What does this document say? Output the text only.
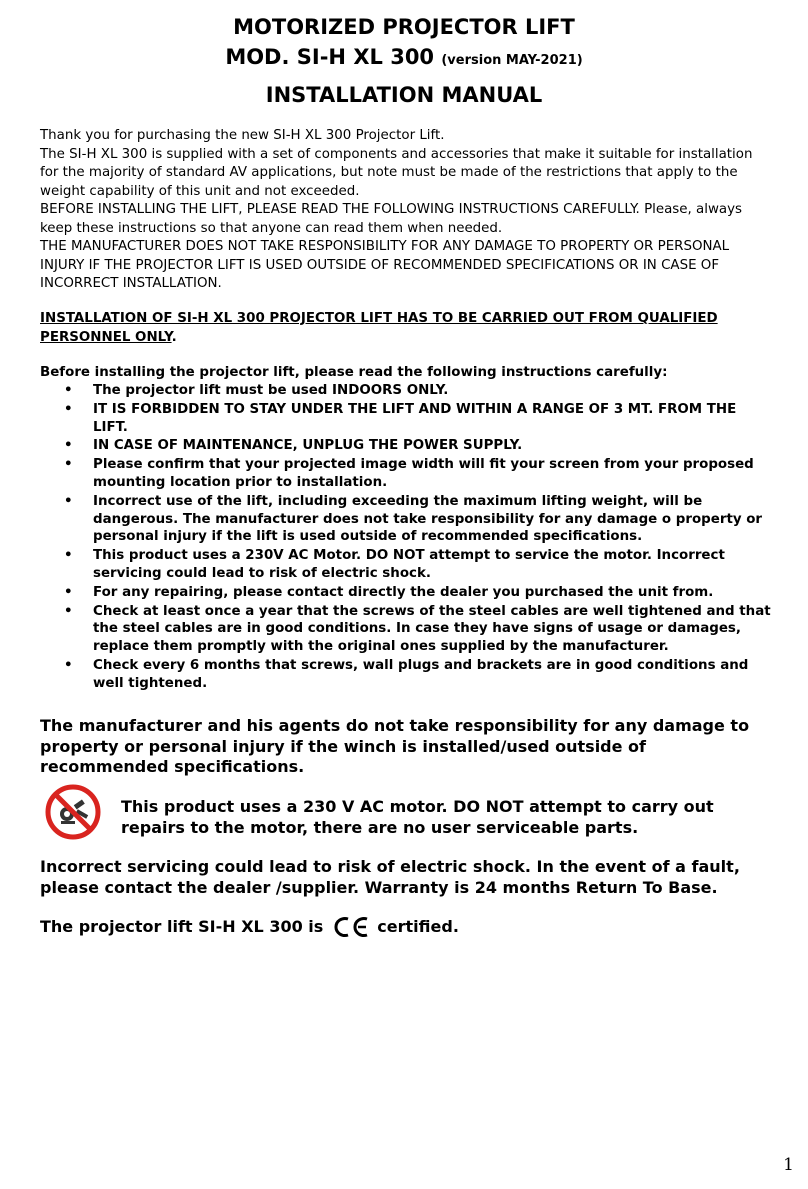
MOTORIZED PROJECTOR LIFT
MOD. SI-H XL 300 (version MAY-2021)
INSTALLATION MANUAL

Thank you for purchasing the new SI-H XL 300 Projector Lift.

The SI-H XL 300 is supplied with a set of components and accessories that make it suitable for installation for the majority of standard AV applications, but note must be made of the restrictions that apply to the weight capability of this unit and not exceeded.

BEFORE INSTALLING THE LIFT, PLEASE READ THE FOLLOWING INSTRUCTIONS CAREFULLY. Please, always keep these instructions so that anyone can read them when needed.

THE MANUFACTURER DOES NOT TAKE RESPONSIBILITY FOR ANY DAMAGE TO PROPERTY OR PERSONAL INJURY IF THE PROJECTOR LIFT IS USED OUTSIDE OF RECOMMENDED SPECIFICATIONS OR IN CASE OF INCORRECT INSTALLATION.

INSTALLATION OF SI-H XL 300 PROJECTOR LIFT HAS TO BE CARRIED OUT FROM QUALIFIED PERSONNEL ONLY.
Before installing the projector lift, please read the following instructions carefully:
• The projector lift must be used INDOORS ONLY.
• IT IS FORBIDDEN TO STAY UNDER THE LIFT AND WITHIN A RANGE OF 3 MT. FROM THE LIFT.
• IN CASE OF MAINTENANCE, UNPLUG THE POWER SUPPLY.
• Please confirm that your projected image width will fit your screen from your proposed mounting location prior to installation.
• Incorrect use of the lift, including exceeding the maximum lifting weight, will be dangerous. The manufacturer does not take responsibility for any damage o property or personal injury if the lift is used outside of recommended specifications.
• This product uses a 230V AC Motor. DO NOT attempt to service the motor. Incorrect servicing could lead to risk of electric shock.
• For any repairing, please contact directly the dealer you purchased the unit from.
• Check at least once a year that the screws of the steel cables are well tightened and that the steel cables are in good conditions. In case they have signs of usage or damages, replace them promptly with the original ones supplied by the manufacturer.
• Check every 6 months that screws, wall plugs and brackets are in good conditions and well tightened.

The manufacturer and his agents do not take responsibility for any damage to property or personal injury if the winch is installed/used outside of recommended specifications.

This product uses a 230 V AC motor. DO NOT attempt to carry out repairs to the motor, there are no user serviceable parts.

Incorrect servicing could lead to risk of electric shock. In the event of a fault, please contact the dealer /supplier. Warranty is 24 months Return To Base.

The projector lift SI-H XL 300 is	certified.
1
